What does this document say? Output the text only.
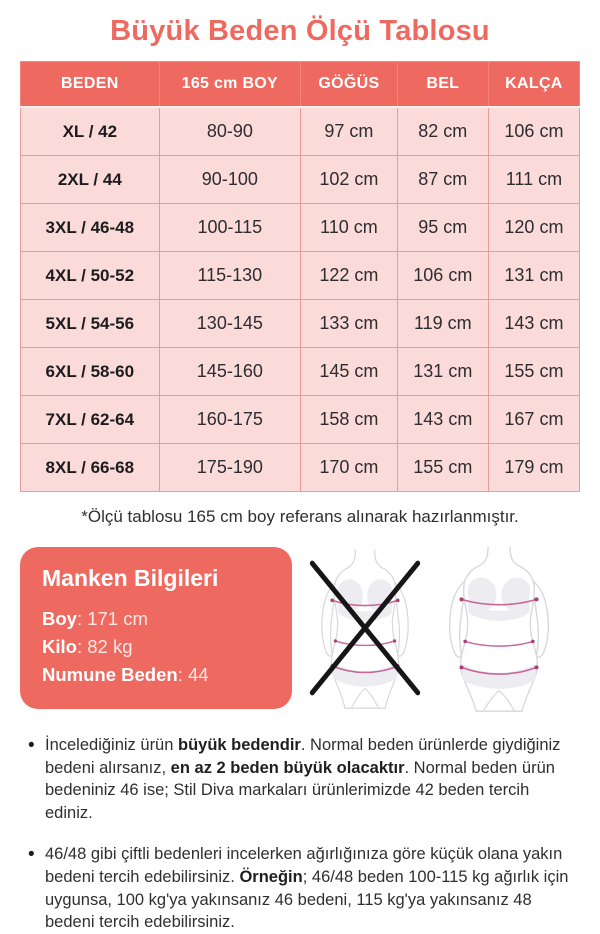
Büyük Beden Ölçü Tablosu
BEDEN	165 cm BOY	GÖĞÜS	BEL	KALÇA
XL / 42	80-90	97 cm	82 cm	106 cm
2XL / 44	90-100	102 cm	87 cm	111 cm
3XL / 46-48	100-115	110 cm	95 cm	120 cm
4XL / 50-52	115-130	122 cm	106 cm	131 cm
5XL / 54-56	130-145	133 cm	119 cm	143 cm
6XL / 58-60	145-160	145 cm	131 cm	155 cm
7XL / 62-64	160-175	158 cm	143 cm	167 cm
8XL / 66-68	175-190	170 cm	155 cm	179 cm
*Ölçü tablosu 165 cm boy referans alınarak hazırlanmıştır.
Manken Bilgileri
Boy: 171 cm
Kilo: 82 kg
Numune Beden: 44
• İncelediğiniz ürün büyük bedendir. Normal beden ürünlerde giydiğiniz bedeni alırsanız, en az 2 beden büyük olacaktır. Normal beden ürün bedeniniz 46 ise; Stil Diva markaları ürünlerimizde 42 beden tercih ediniz.
• 46/48 gibi çiftli bedenleri incelerken ağırlığınıza göre küçük olana yakın bedeni tercih edebilirsiniz. Örneğin; 46/48 beden 100-115 kg ağırlık için uygunsa, 100 kg'ya yakınsanız 46 bedeni, 115 kg'ya yakınsanız 48 bedeni tercih edebilirsiniz.
